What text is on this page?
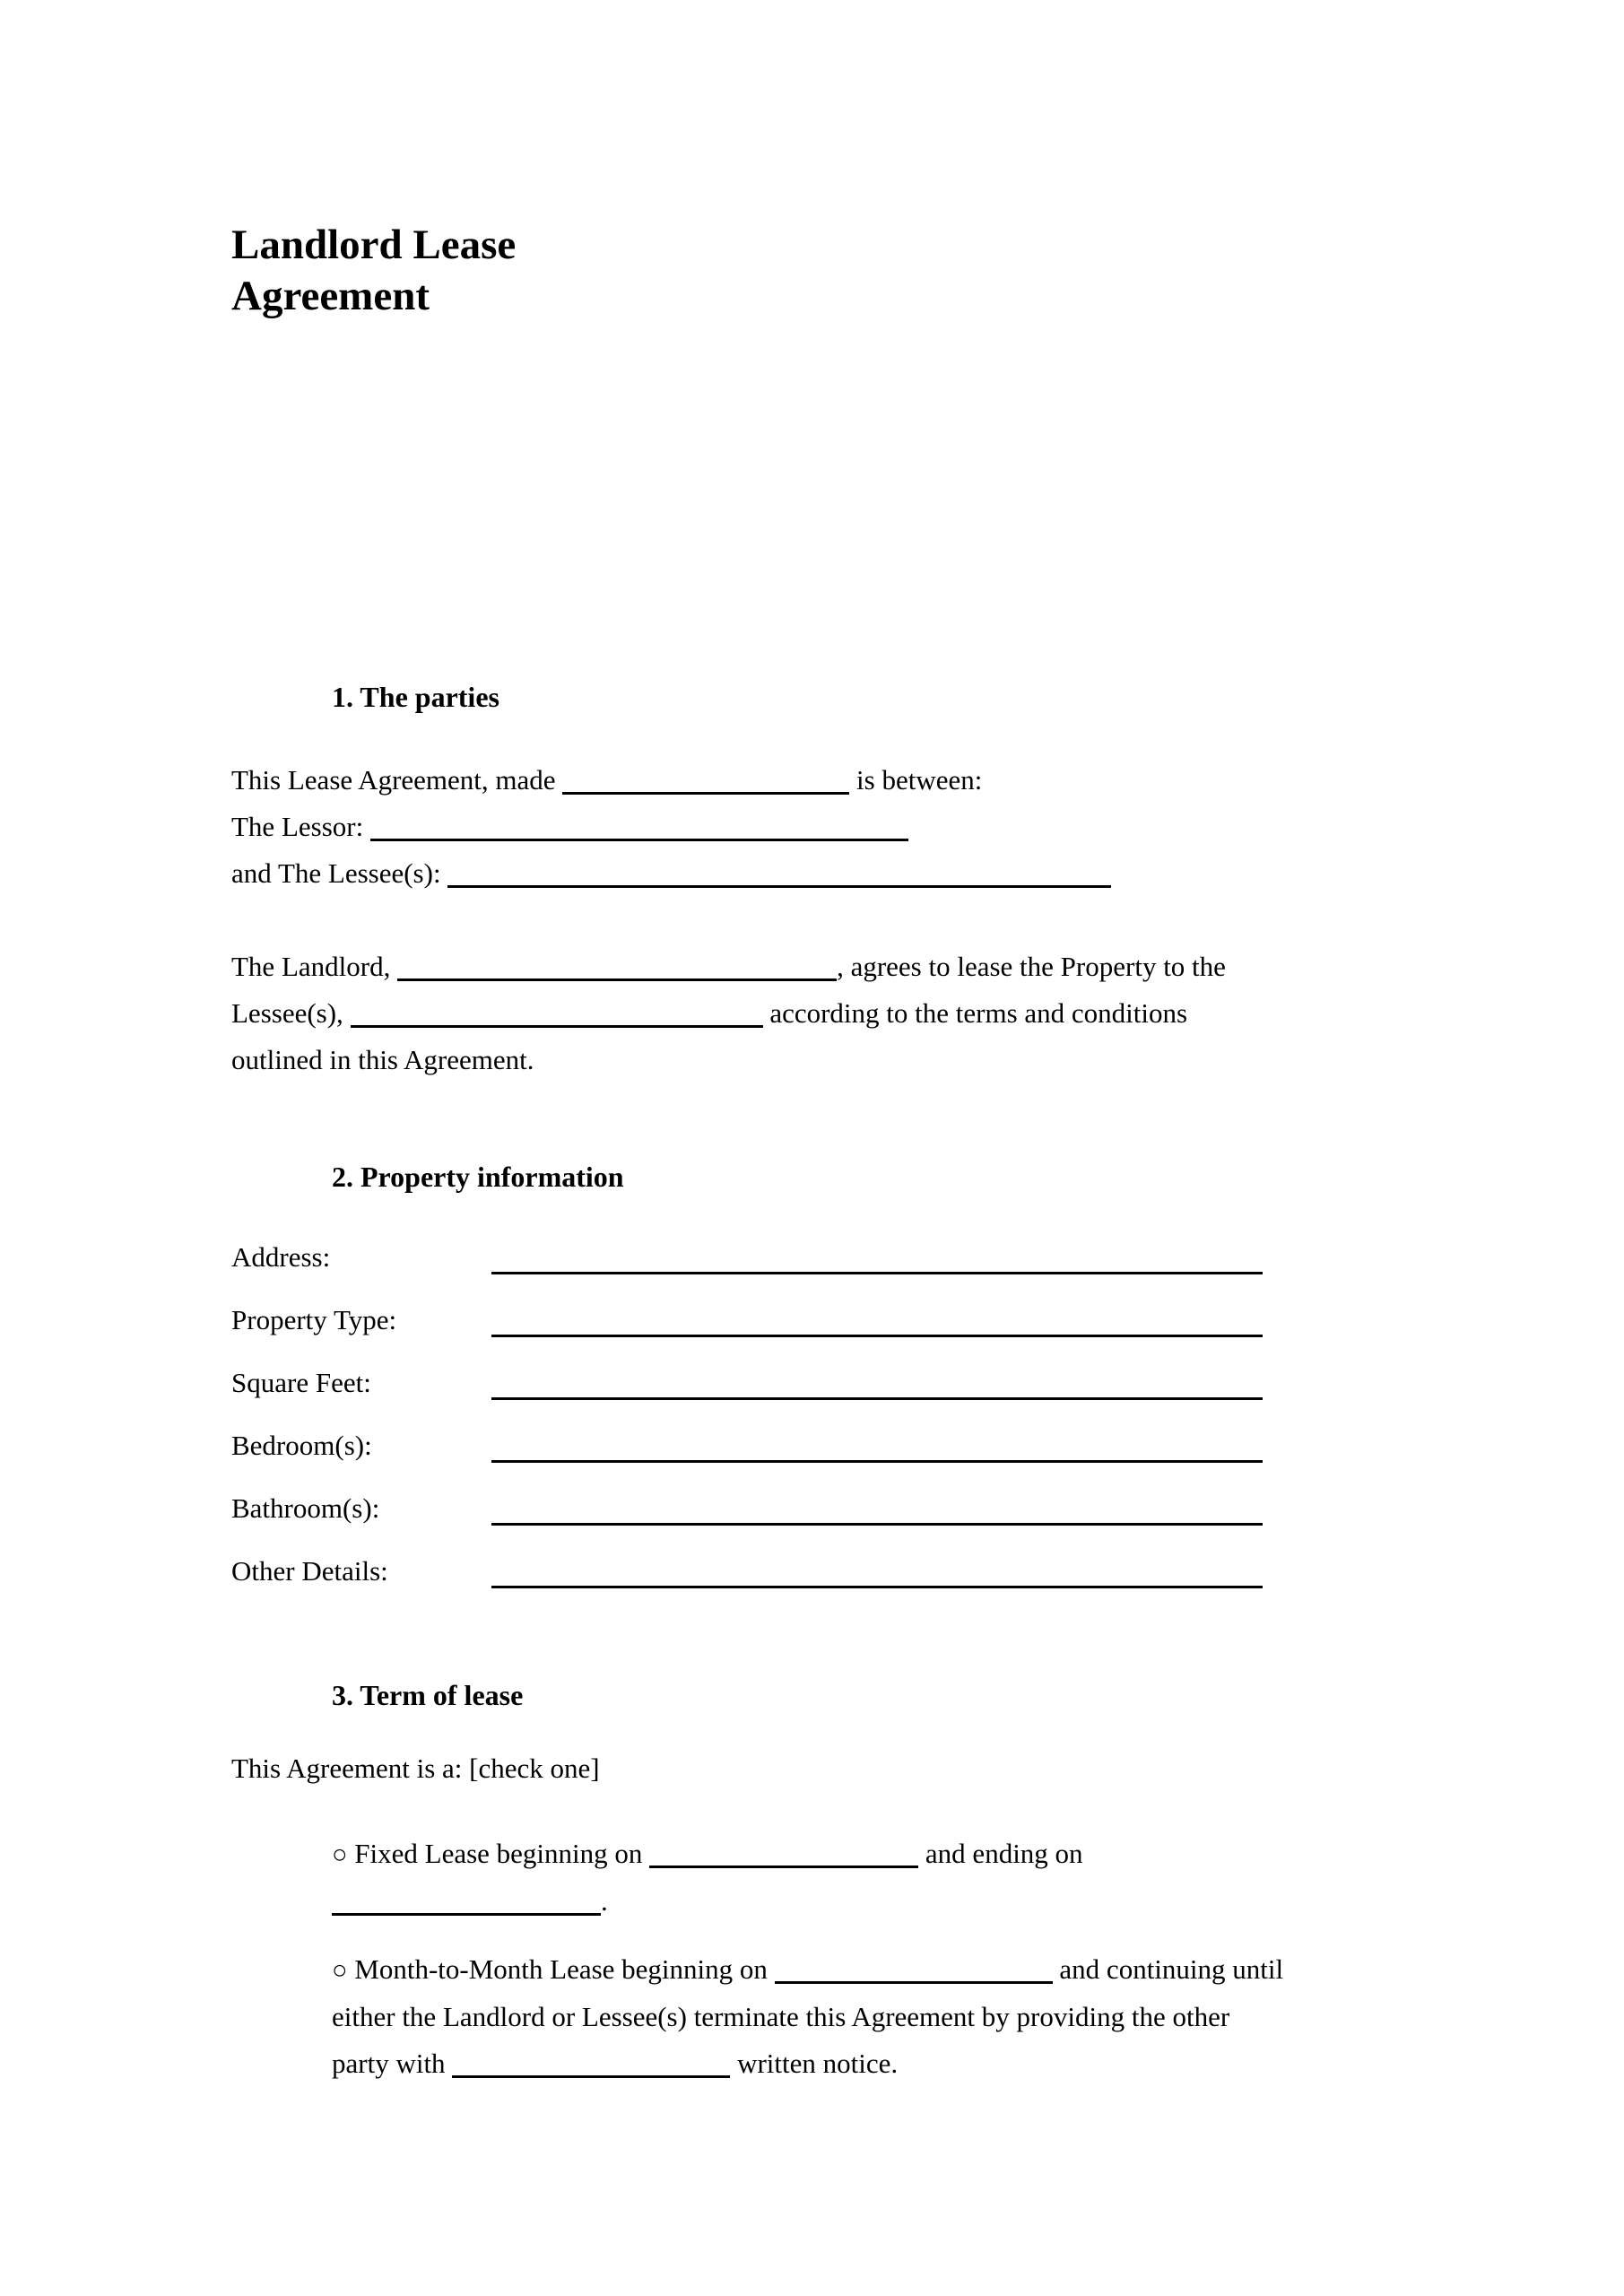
Landlord Lease
Agreement
1. The parties
This Lease Agreement, made	is between:
The Lessor:
and The Lessee(s):
The Landlord,	, agrees to lease the Property to the
Lessee(s),	according to the terms and conditions
outlined in this Agreement.
2. Property information
Address:
Property Type:
Square Feet:
Bedroom(s):
Bathroom(s):
Other Details:
3. Term of lease
This Agreement is a: [check one]
○ Fixed Lease beginning on	and ending on
.
○ Month-to-Month Lease beginning on	and continuing until
either the Landlord or Lessee(s) terminate this Agreement by providing the other
party with	written notice.
